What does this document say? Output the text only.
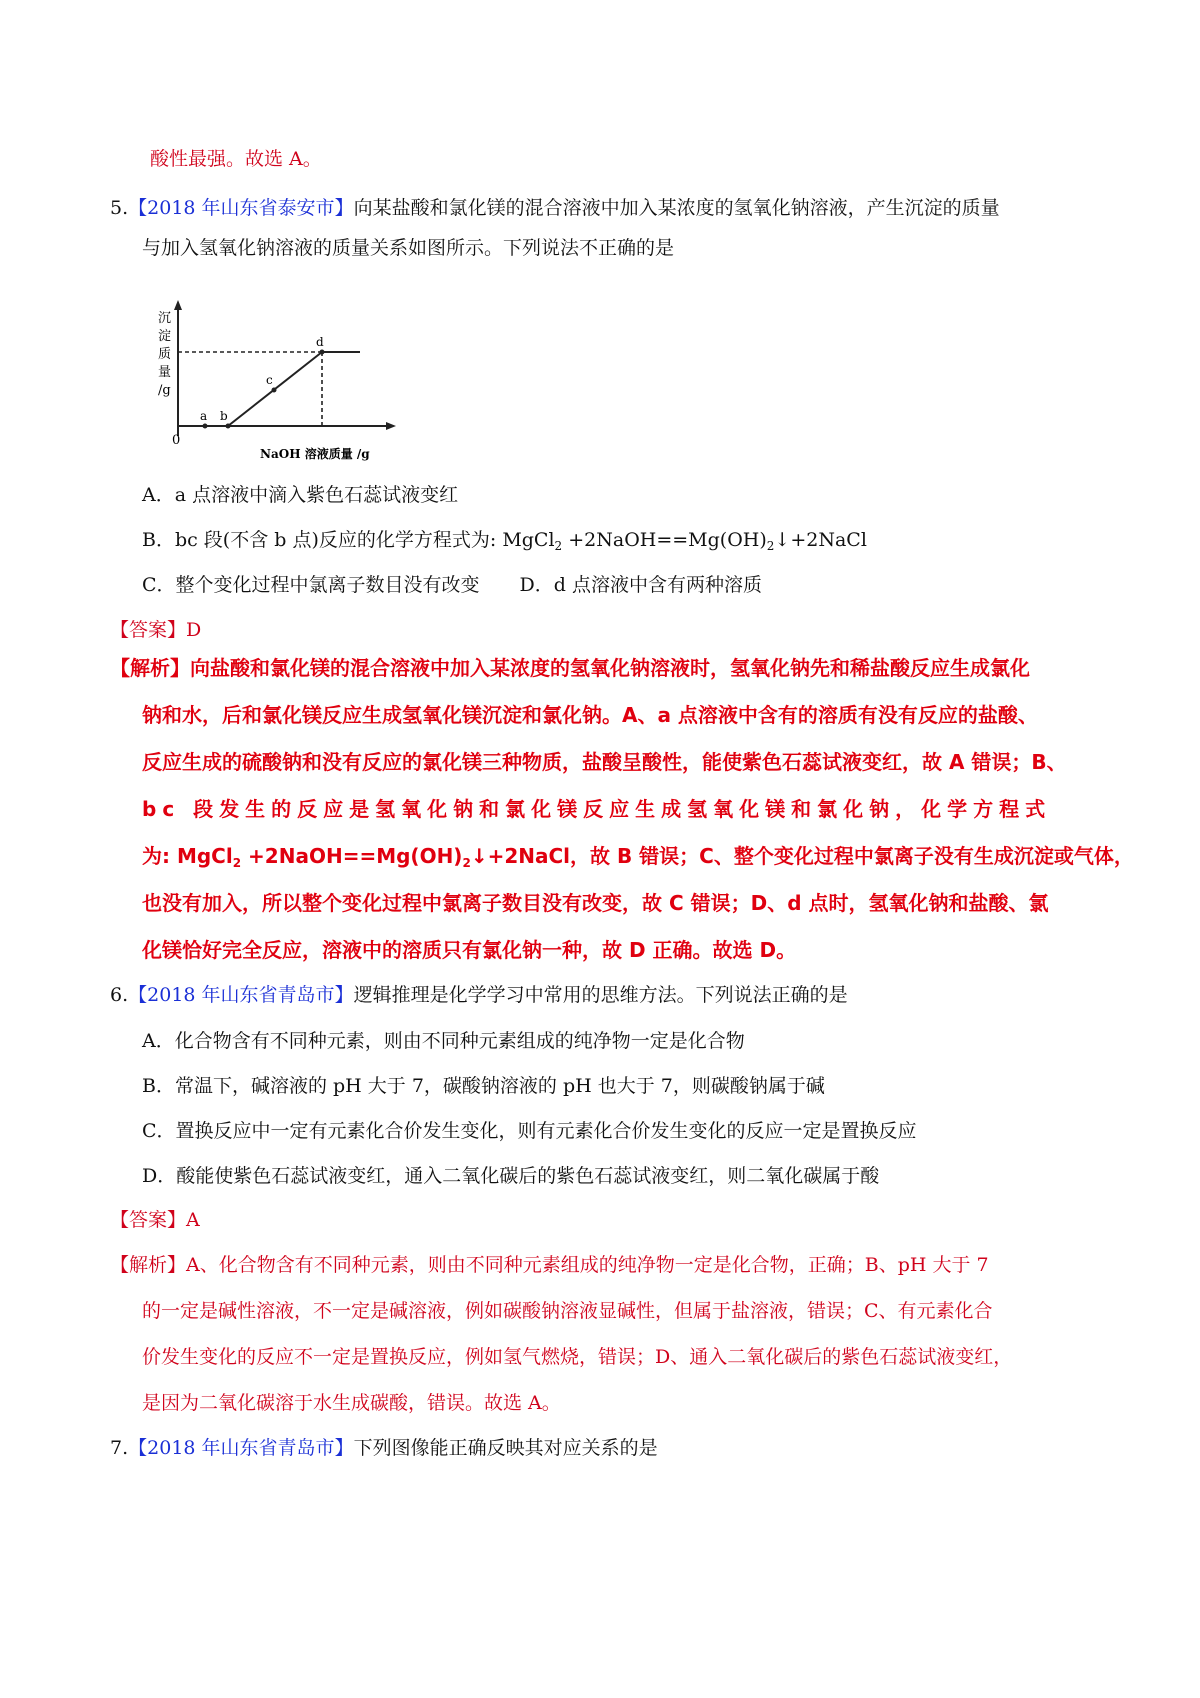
酸性最强。故选 A。
5.【2018 年山东省泰安市】向某盐酸和氯化镁的混合溶液中加入某浓度的氢氧化钠溶液，产生沉淀的质量
与加入氢氧化钠溶液的质量关系如图所示。下列说法不正确的是
沉
淀
质
量
/g
0
NaOH 溶液质量 /g
a b
c
d
A．a 点溶液中滴入紫色石蕊试液变红
B．bc 段(不含 b 点)反应的化学方程式为: MgCl$_2$ $+2NaOH==Mg(OH)_2↓+2NaCl$
C．整个变化过程中氯离子数目没有改变 D．d 点溶液中含有两种溶质
【答案】D
【解析】向盐酸和氯化镁的混合溶液中加入某浓度的氢氧化钠溶液时，氢氧化钠先和稀盐酸反应生成氯化
钠和水，后和氯化镁反应生成氢氧化镁沉淀和氯化钠。A、a 点溶液中含有的溶质有没有反应的盐酸、
反应生成的硫酸钠和没有反应的氯化镁三种物质，盐酸呈酸性，能使紫色石蕊试液变红，故 A 错误；B、
bc 段发生的反应是氢氧化钠和氯化镁反应生成氢氧化镁和氯化钠，化学方程式
为: MgCl$_2$ $+2NaOH==Mg(OH)_2↓+2NaCl$，故 B 错误；C、整个变化过程中氯离子没有生成沉淀或气体，
也没有加入，所以整个变化过程中氯离子数目没有改变，故 C 错误；D、d 点时，氢氧化钠和盐酸、氯
化镁恰好完全反应，溶液中的溶质只有氯化钠一种，故 D 正确。故选 D。
6.【2018 年山东省青岛市】逻辑推理是化学学习中常用的思维方法。下列说法正确的是
A．化合物含有不同种元素，则由不同种元素组成的纯净物一定是化合物
B．常温下，碱溶液的 pH 大于 7，碳酸钠溶液的 pH 也大于 7，则碳酸钠属于碱
C．置换反应中一定有元素化合价发生变化，则有元素化合价发生变化的反应一定是置换反应
D．酸能使紫色石蕊试液变红，通入二氧化碳后的紫色石蕊试液变红，则二氧化碳属于酸
【答案】A
【解析】A、化合物含有不同种元素，则由不同种元素组成的纯净物一定是化合物，正确；B、pH 大于 7
的一定是碱性溶液，不一定是碱溶液，例如碳酸钠溶液显碱性，但属于盐溶液，错误；C、有元素化合
价发生变化的反应不一定是置换反应，例如氢气燃烧，错误；D、通入二氧化碳后的紫色石蕊试液变红，
是因为二氧化碳溶于水生成碳酸，错误。故选 A。
7.【2018 年山东省青岛市】下列图像能正确反映其对应关系的是
